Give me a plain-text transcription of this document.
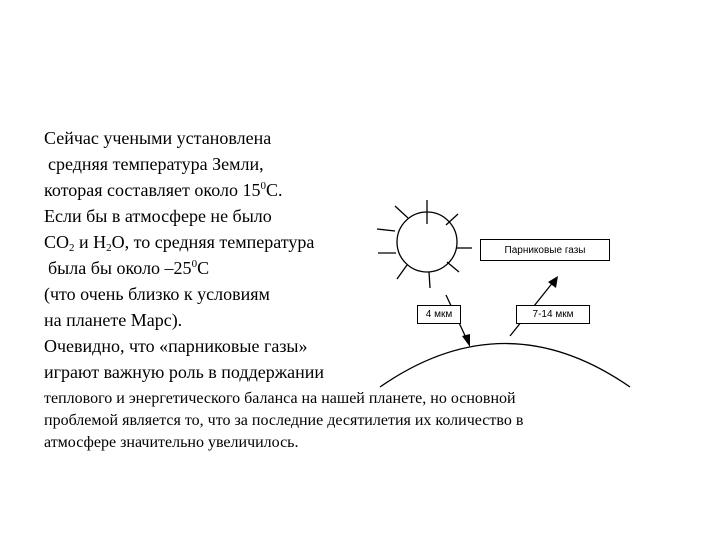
Парниковые газы
4 мкм	7-14 мкм
Сейчас учеными установлена
средняя температура Земли,
которая составляет около $15^0С$.
Если бы в атмосфере не было
$СО_2$ и $Н_2О$, то средняя температура
была бы около $-25^0С$
(что очень близко к условиям
на планете Марс).
Очевидно, что «парниковые газы»
играют важную роль в поддержании
теплового и энергетического баланса на нашей планете, но основной
проблемой является то, что за последние десятилетия их количество в
атмосфере значительно увеличилось.
